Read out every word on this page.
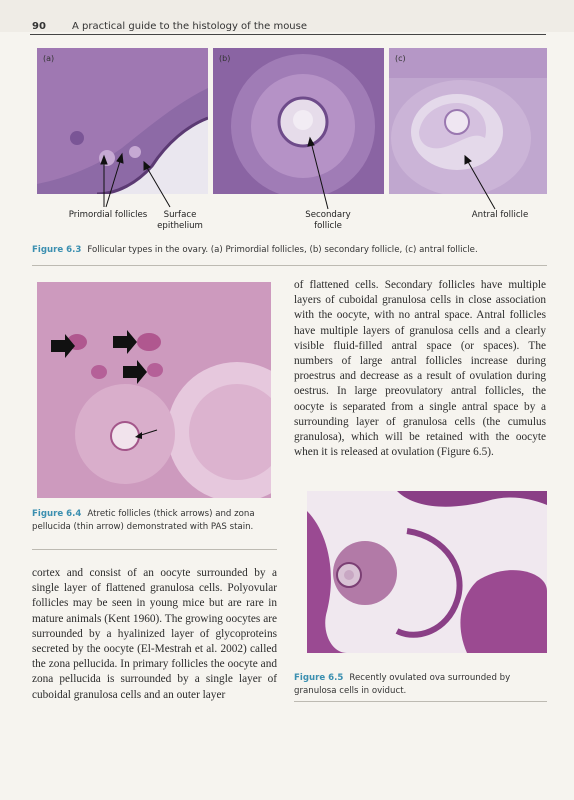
90	A practical guide to the histology of the mouse
(a)	(b)	(c)
Primordial follicles	Surface
epithelium
Secondary
follicle
Antral follicle
Figure 6.3 Follicular types in the ovary. (a) Primordial follicles, (b) secondary follicle, (c) antral follicle.
Figure 6.4 Atretic follicles (thick arrows) and zona pellucida (thin arrow) demonstrated with PAS stain.
of flattened cells. Secondary follicles have multiple layers of cuboidal granulosa cells in close association with the oocyte, with no antral space. Antral follicles have multiple layers of granulosa cells and a clearly visible fluid-filled antral space (or spaces). The numbers of large antral follicles increase during proestrus and decrease as a result of ovulation during oestrus. In large preovulatory antral follicles, the oocyte is separated from a single antral space by a surrounding layer of granulosa cells (the cumulus granulosa), which will be retained with the oocyte when it is released at ovulation (Figure 6.5).
Figure 6.5 Recently ovulated ova surrounded by granulosa cells in oviduct.
cortex and consist of an oocyte surrounded by a single layer of flattened granulosa cells. Polyovular follicles may be seen in young mice but are rare in mature animals (Kent 1960). The growing oocytes are surrounded by a hyalinized layer of glycoproteins secreted by the oocyte (El-Mestrah et al. 2002) called the zona pellucida. In primary follicles the oocyte and zona pellucida is surrounded by a single layer of cuboidal granulosa cells and an outer layer
